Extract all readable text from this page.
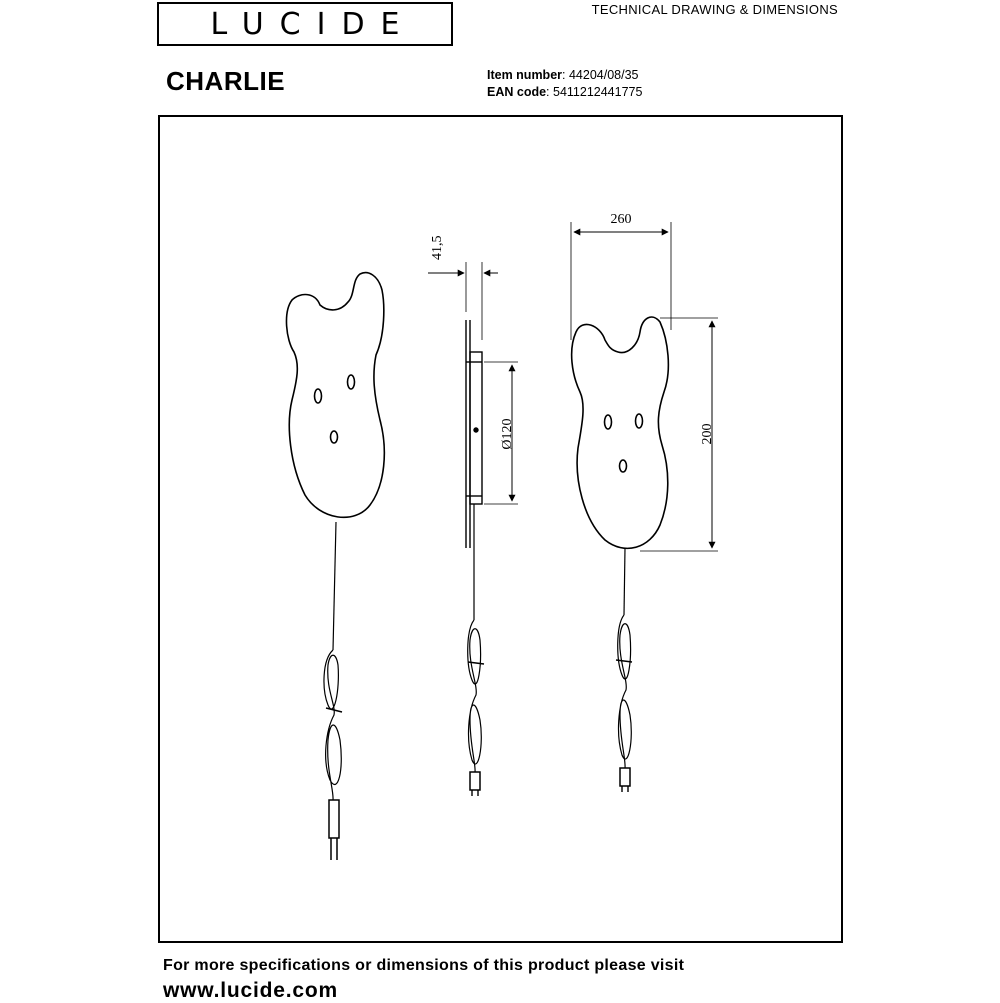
LUCIDE	TECHNICAL DRAWING & DIMENSIONS
CHARLIE	Item number: 44204/08/35
EAN code: 5411212441775
41,5
Ø120
260
200
For more specifications or dimensions of this product please visit
www.lucide.com
